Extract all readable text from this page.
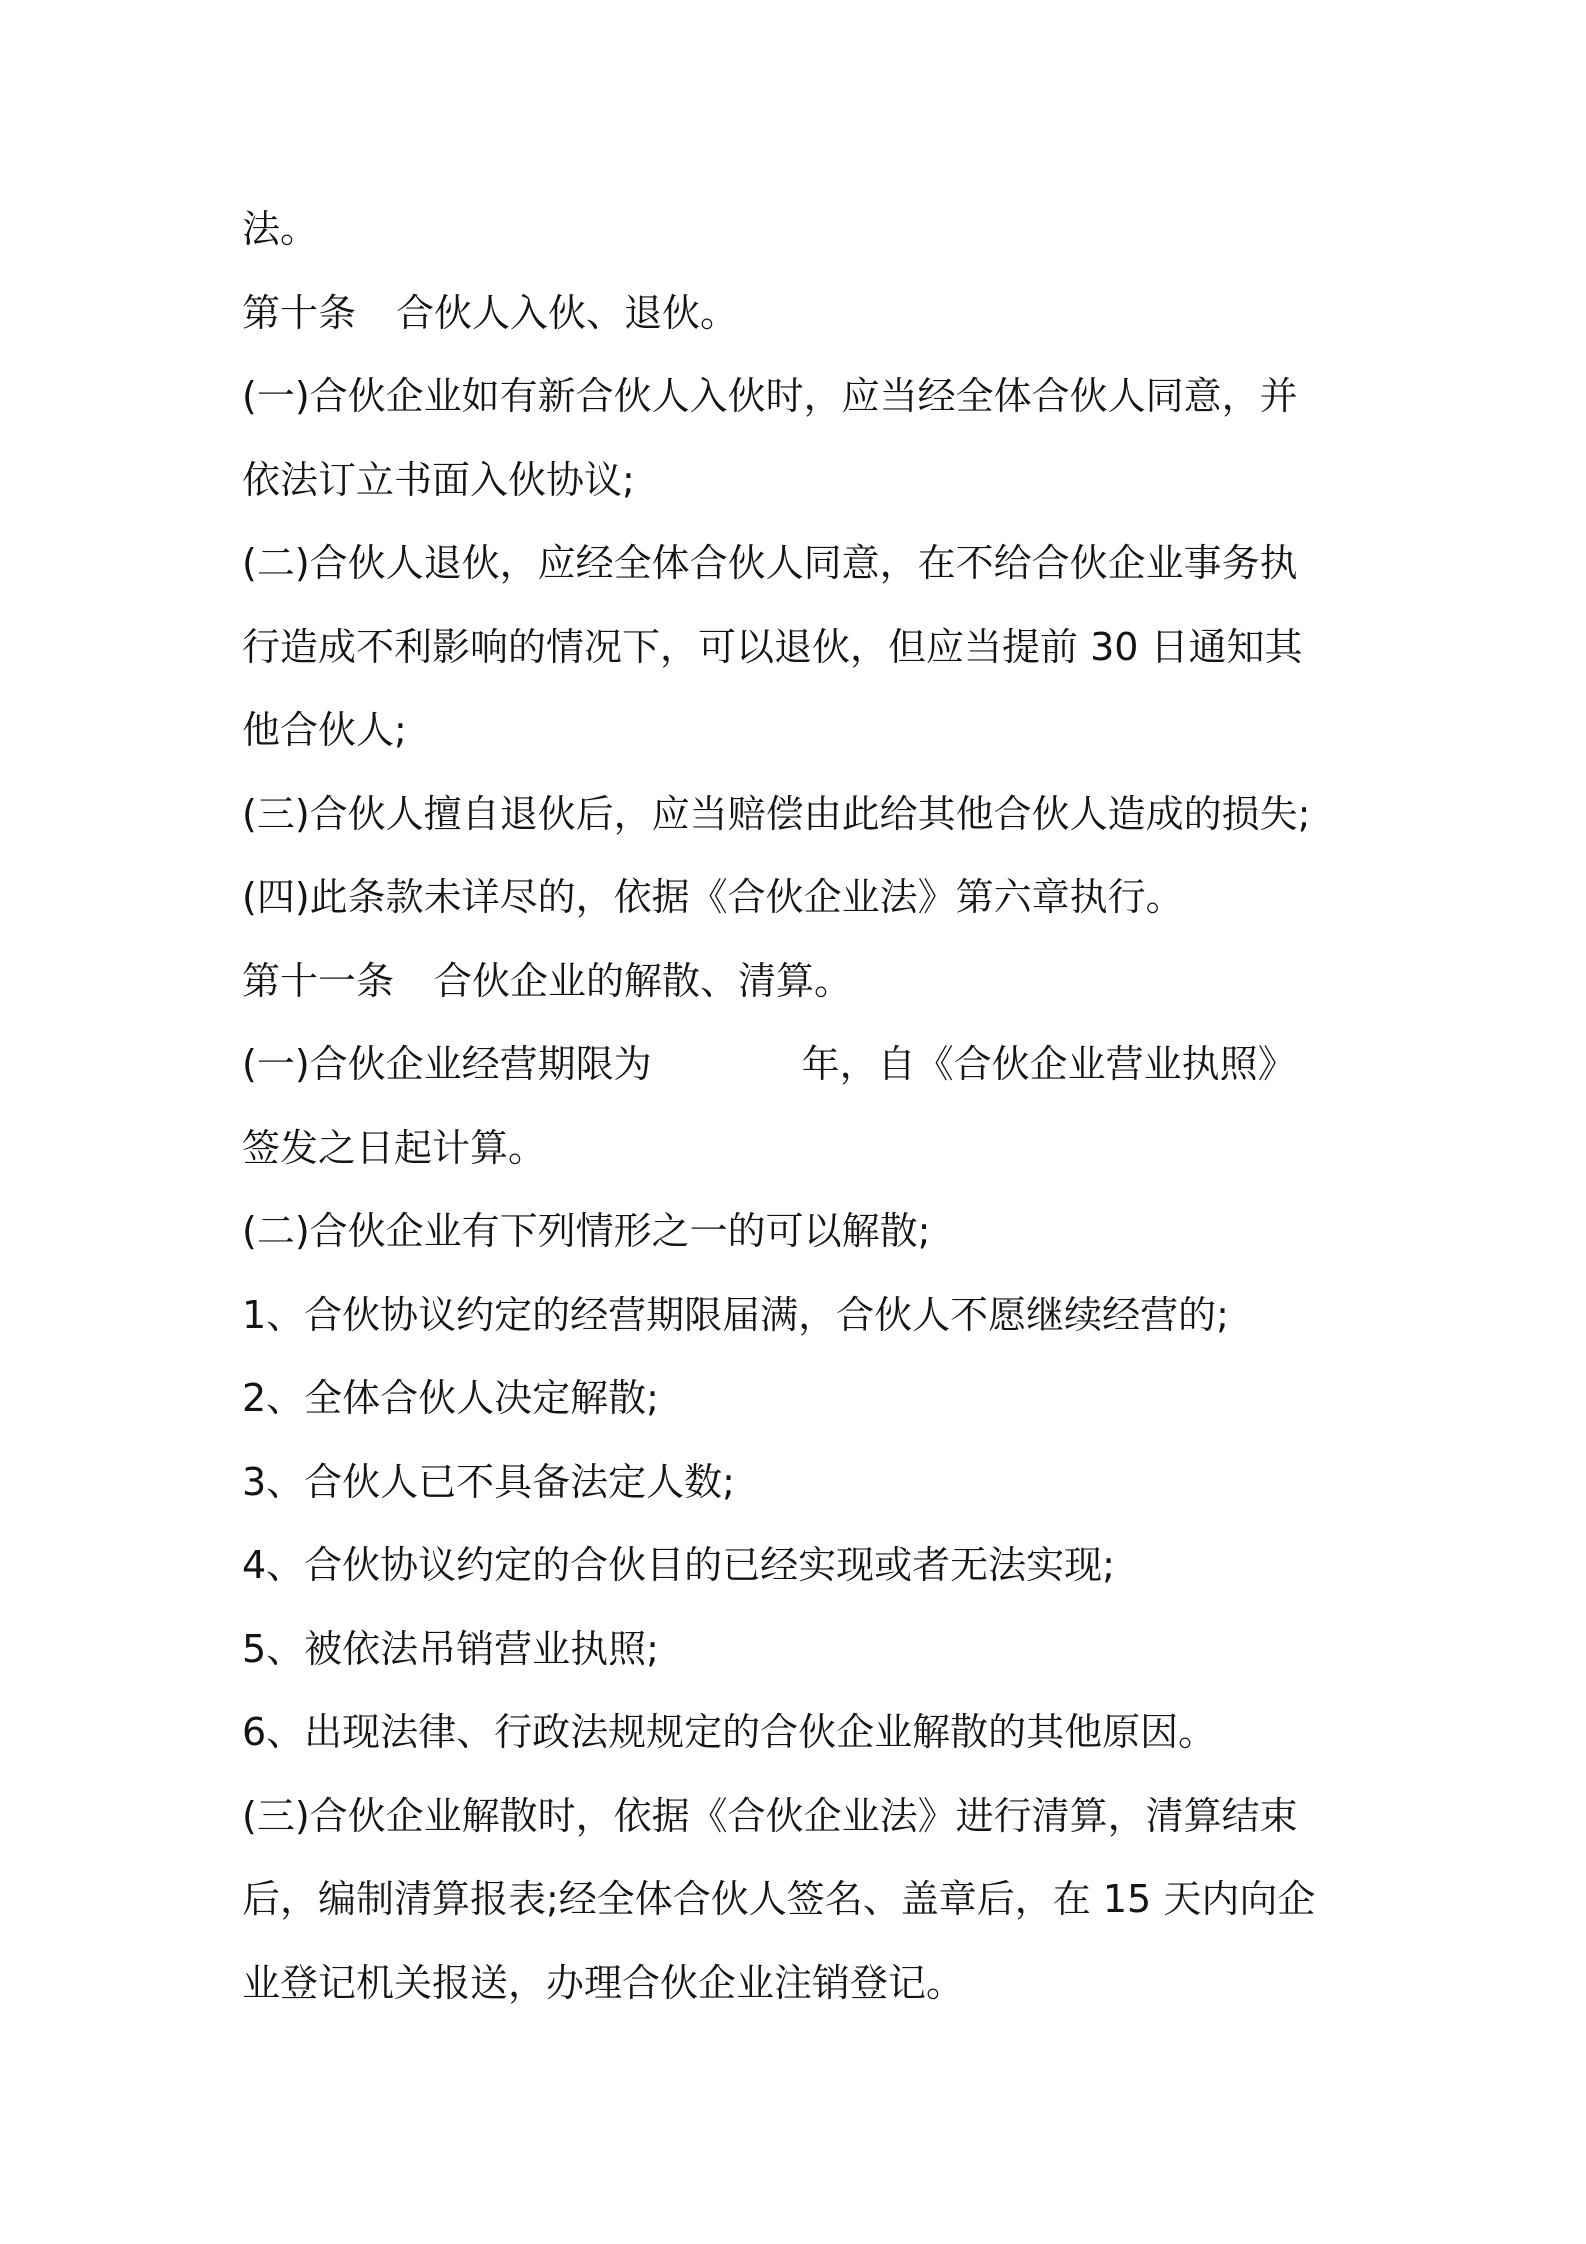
法。
第十条 合伙人入伙、退伙。
(一)合伙企业如有新合伙人入伙时，应当经全体合伙人同意，并
依法订立书面入伙协议;
(二)合伙人退伙，应经全体合伙人同意，在不给合伙企业事务执
行造成不利影响的情况下，可以退伙，但应当提前 30 日通知其
他合伙人;
(三)合伙人擅自退伙后，应当赔偿由此给其他合伙人造成的损失;
(四)此条款未详尽的，依据《合伙企业法》第六章执行。
第十一条 合伙企业的解散、清算。
(一)合伙企业经营期限为	年，自《合伙企业营业执照》
签发之日起计算。
(二)合伙企业有下列情形之一的可以解散;
1、合伙协议约定的经营期限届满，合伙人不愿继续经营的;
2、全体合伙人决定解散;
3、合伙人已不具备法定人数;
4、合伙协议约定的合伙目的已经实现或者无法实现;
5、被依法吊销营业执照;
6、出现法律、行政法规规定的合伙企业解散的其他原因。
(三)合伙企业解散时，依据《合伙企业法》进行清算，清算结束
后，编制清算报表;经全体合伙人签名、盖章后，在 15 天内向企
业登记机关报送，办理合伙企业注销登记。
